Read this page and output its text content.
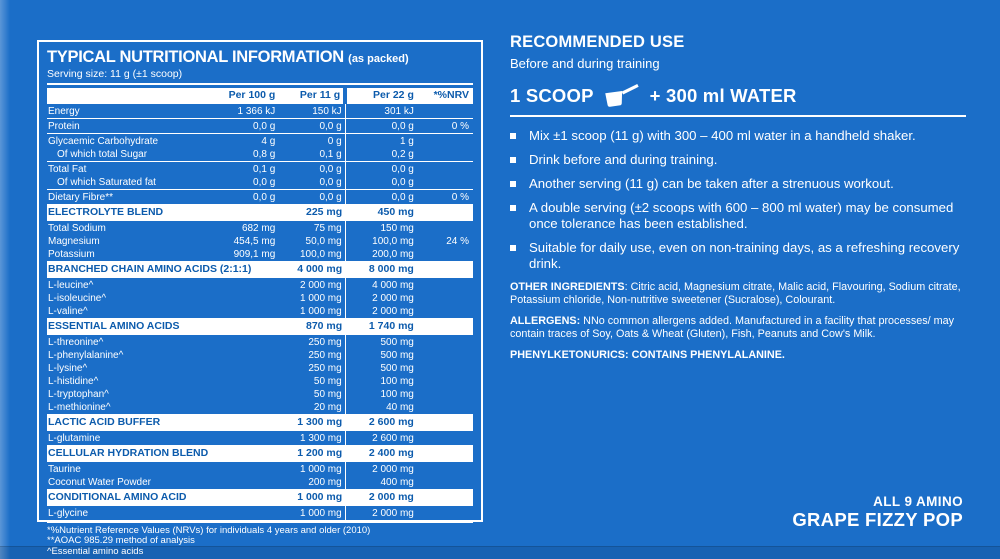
TYPICAL NUTRITIONAL INFORMATION (as packed)
Serving size: 11 g (±1 scoop)
	Per 100 g	Per 11 g	Per 22 g	*%NRV
Energy	1 366 kJ	150 kJ	301 kJ	
Protein	0,0 g	0,0 g	0,0 g	0 %
Glycaemic Carbohydrate	4 g	0 g	1 g	
Of which total Sugar	0,8 g	0,1 g	0,2 g	
Total Fat	0,1 g	0,0 g	0,0 g	
Of which Saturated fat	0,0 g	0,0 g	0,0 g	
Dietary Fibre**	0,0 g	0,0 g	0,0 g	0 %
ELECTROLYTE BLEND		225 mg	450 mg	
Total Sodium	682 mg	75 mg	150 mg	
Magnesium	454,5 mg	50,0 mg	100,0 mg	24 %
Potassium	909,1 mg	100,0 mg	200,0 mg	
BRANCHED CHAIN AMINO ACIDS (2:1:1)		4 000 mg	8 000 mg	
L-leucine^		2 000 mg	4 000 mg	
L-isoleucine^		1 000 mg	2 000 mg	
L-valine^		1 000 mg	2 000 mg	
ESSENTIAL AMINO ACIDS		870 mg	1 740 mg	
L-threonine^		250 mg	500 mg	
L-phenylalanine^		250 mg	500 mg	
L-lysine^		250 mg	500 mg	
L-histidine^		50 mg	100 mg	
L-tryptophan^		50 mg	100 mg	
L-methionine^		20 mg	40 mg	
LACTIC ACID BUFFER		1 300 mg	2 600 mg	
L-glutamine		1 300 mg	2 600 mg	
CELLULAR HYDRATION BLEND		1 200 mg	2 400 mg	
Taurine		1 000 mg	2 000 mg	
Coconut Water Powder		200 mg	400 mg	
CONDITIONAL AMINO ACID		1 000 mg	2 000 mg	
L-glycine		1 000 mg	2 000 mg	
*%Nutrient Reference Values (NRVs) for individuals 4 years and older (2010)
**AOAC 985.29 method of analysis
^Essential amino acids
RECOMMENDED USE
Before and during training
1 SCOOP	+ 300 ml WATER
Mix ±1 scoop (11 g) with 300 – 400 ml water in a handheld shaker.
Drink before and during training.
Another serving (11 g) can be taken after a strenuous workout.
A double serving (±2 scoops with 600 – 800 ml water) may be consumed once tolerance has been established.
Suitable for daily use, even on non-training days, as a refreshing recovery drink.

OTHER INGREDIENTS: Citric acid, Magnesium citrate, Malic acid, Flavouring, Sodium citrate, Potassium chloride, Non-nutritive sweetener (Sucralose), Colourant.

ALLERGENS: NNo common allergens added. Manufactured in a facility that processes/ may contain traces of Soy, Oats & Wheat (Gluten), Fish, Peanuts and Cow's Milk.

PHENYLKETONURICS: CONTAINS PHENYLALANINE.

ALL 9 AMINO
GRAPE FIZZY POP
